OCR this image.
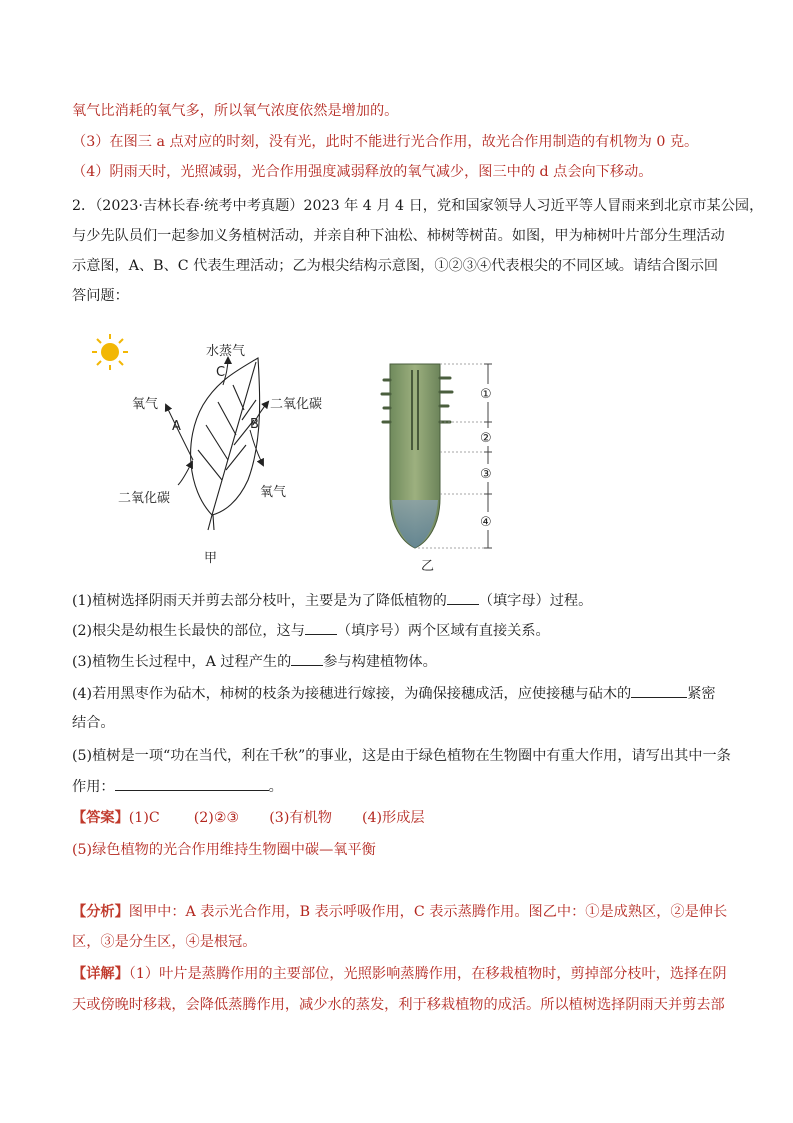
氧气比消耗的氧气多，所以氧气浓度依然是增加的。
（3）在图三 a 点对应的时刻，没有光，此时不能进行光合作用，故光合作用制造的有机物为 0 克。
（4）阴雨天时，光照减弱，光合作用强度减弱释放的氧气减少，图三中的 d 点会向下移动。
2．（2023·吉林长春·统考中考真题）2023 年 4 月 4 日，党和国家领导人习近平等人冒雨来到北京市某公园，
与少先队员们一起参加义务植树活动，并亲自种下油松、柿树等树苗。如图，甲为柿树叶片部分生理活动
示意图，A、B、C 代表生理活动；乙为根尖结构示意图，①②③④代表根尖的不同区域。请结合图示回
答问题：
水蒸气
C
氧气
A	B
二氧化碳
二氧化碳	氧气
甲
①
②
③
④
乙
(1)植树选择阴雨天并剪去部分枝叶，主要是为了降低植物的 （填字母）过程。
(2)根尖是幼根生长最快的部位，这与 （填序号）两个区域有直接关系。
(3)植物生长过程中，A 过程产生的 参与构建植物体。
(4)若用黑枣作为砧木，柿树的枝条为接穗进行嫁接，为确保接穗成活，应使接穗与砧木的	紧密
结合。
(5)植树是一项“功在当代，利在千秋”的事业，这是由于绿色植物在生物圈中有重大作用，请写出其中一条
作用：	。
【答案】(1)C (2)②③ (3)有机物 (4)形成层
(5)绿色植物的光合作用维持生物圈中碳—氧平衡
【分析】图甲中：A 表示光合作用，B 表示呼吸作用，C 表示蒸腾作用。图乙中：①是成熟区，②是伸长
区，③是分生区，④是根冠。
【详解】（1）叶片是蒸腾作用的主要部位，光照影响蒸腾作用，在移栽植物时，剪掉部分枝叶，选择在阴
天或傍晚时移栽，会降低蒸腾作用，减少水的蒸发，利于移栽植物的成活。所以植树选择阴雨天并剪去部
